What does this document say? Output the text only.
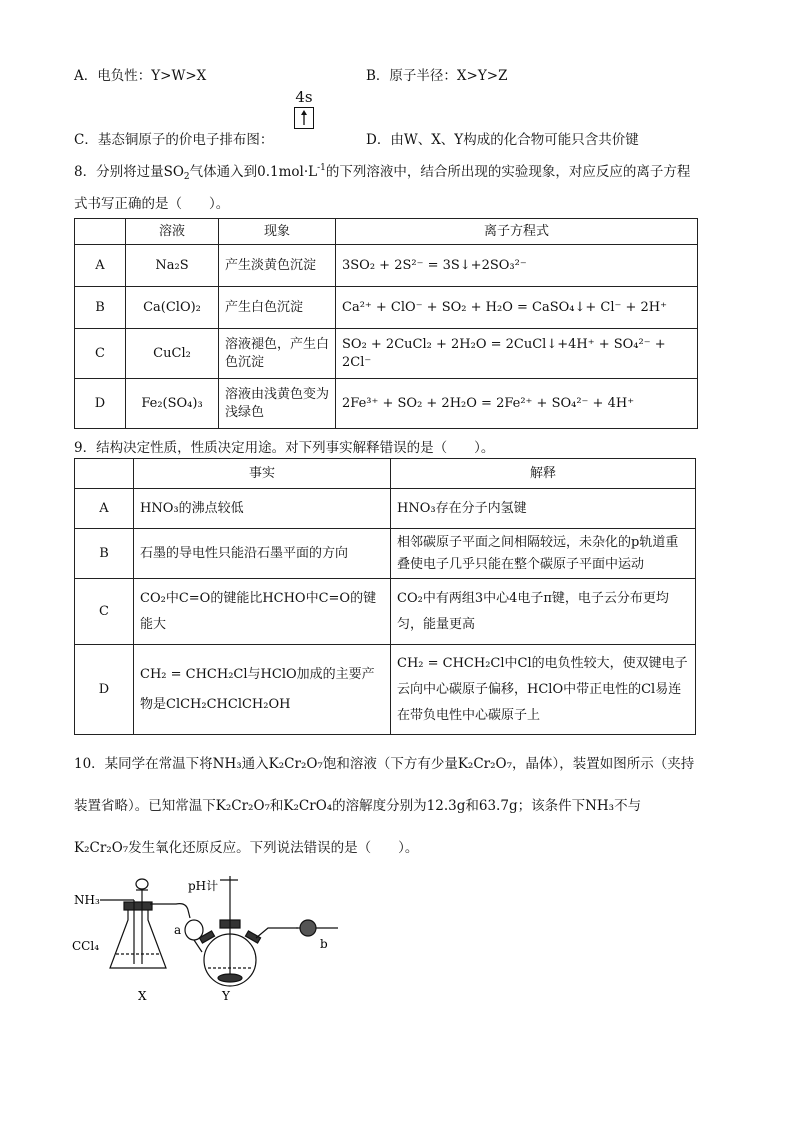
A．电负性：Y>W>X	B．原子半径：X>Y>Z
4s
C．基态铜原子的价电子排布图：	D．由W、X、Y构成的化合物可能只含共价键
8．分别将过量$SO_2$气体通入到$0.1mol\cdot L^{-1}$的下列溶液中，结合所出现的实验现象，对应反应的离子方程
式书写正确的是（　　）。
	溶液	现象	离子方程式
A	Na₂S	产生淡黄色沉淀	3SO₂ + 2S²⁻ = 3S↓+2SO₃²⁻
B	Ca(ClO)₂	产生白色沉淀	Ca²⁺ + ClO⁻ + SO₂ + H₂O = CaSO₄↓+ Cl⁻ + 2H⁺
C	CuCl₂	溶液褪色，产生白色沉淀	SO₂ + 2CuCl₂ + 2H₂O = 2CuCl↓+4H⁺ + SO₄²⁻ + 2Cl⁻
D	Fe₂(SO₄)₃	溶液由浅黄色变为浅绿色	2Fe³⁺ + SO₂ + 2H₂O = 2Fe²⁺ + SO₄²⁻ + 4H⁺
9．结构决定性质，性质决定用途。对下列事实解释错误的是（　　）。
	事实	解释
A	HNO₃的沸点较低	HNO₃存在分子内氢键
B	石墨的导电性只能沿石墨平面的方向	相邻碳原子平面之间相隔较远，未杂化的p轨道重叠使电子几乎只能在整个碳原子平面中运动
C	CO₂中C=O的键能比HCHO中C=O的键能大	CO₂中有两组3中心4电子π键，电子云分布更均匀，能量更高
D	CH₂ = CHCH₂Cl与HClO加成的主要产物是ClCH₂CHClCH₂OH	CH₂ = CHCH₂Cl中Cl的电负性较大，使双键电子云向中心碳原子偏移，HClO中带正电性的Cl易连在带负电性中心碳原子上
10．某同学在常温下将NH₃通入K₂Cr₂O₇饱和溶液（下方有少量K₂Cr₂O₇，晶体），装置如图所示（夹持
装置省略）。已知常温下K₂Cr₂O₇和K₂CrO₄的溶解度分别为12.3g和63.7g；该条件下NH₃不与
K₂Cr₂O₇发生氧化还原反应。下列说法错误的是（　　）。
NH₃
CCl₄
pH计
a
b
X	Y
